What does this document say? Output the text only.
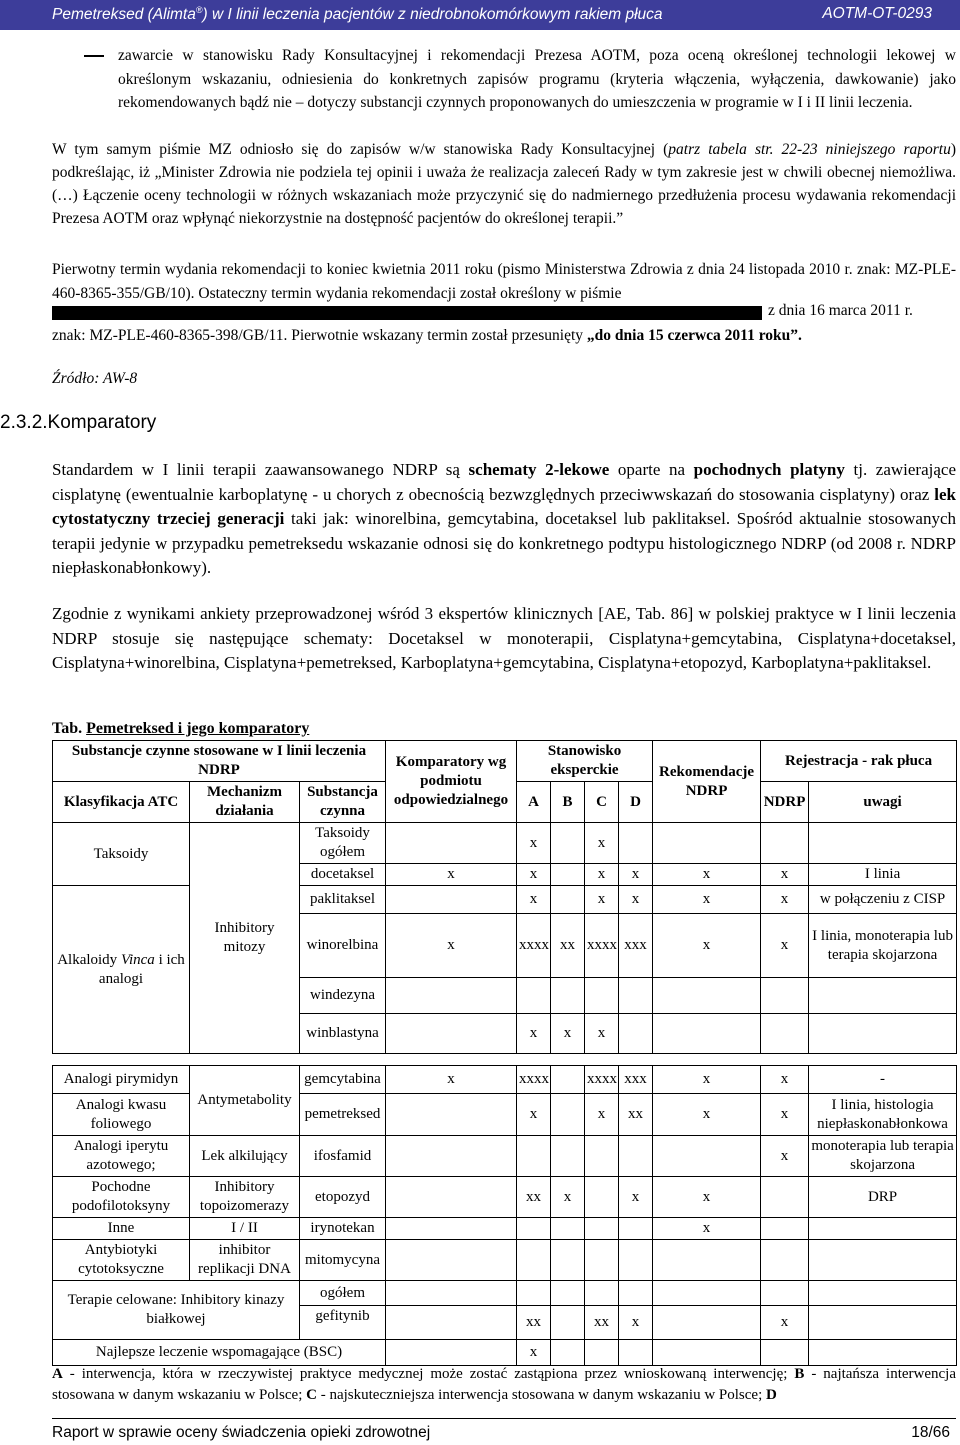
Pemetreksed (Alimta®) w I linii leczenia pacjentów z niedrobnokomórkowym rakiem płuca	AOTM-OT-0293

zawarcie w stanowisku Rady Konsultacyjnej i rekomendacji Prezesa AOTM, poza oceną określonej technologii lekowej w określonym wskazaniu, odniesienia do konkretnych zapisów programu (kryteria włączenia, wyłączenia, dawkowanie) jako rekomendowanych bądź nie – dotyczy substancji czynnych proponowanych do umieszczenia w programie w I i II linii leczenia.

W tym samym piśmie MZ odniosło się do zapisów w/w stanowiska Rady Konsultacyjnej (patrz tabela str. 22-23 niniejszego raportu) podkreślając, iż „Minister Zdrowia nie podziela tej opinii i uważa że realizacja zaleceń Rady w tym zakresie jest w chwili obecnej niemożliwa. (…) Łączenie oceny technologii w różnych wskazaniach może przyczynić się do nadmiernego przedłużenia procesu wydawania rekomendacji Prezesa AOTM oraz wpłynąć niekorzystnie na dostępność pacjentów do określonej terapii.”
Pierwotny termin wydania rekomendacji to koniec kwietnia 2011 roku (pismo Ministerstwa Zdrowia z dnia 24 listopada 2010 r. znak: MZ-PLE-460-8365-355/GB/10). Ostateczny termin wydania rekomendacji został określony w piśmie
z dnia 16 marca 2011 r.
znak: MZ-PLE-460-8365-398/GB/11. Pierwotnie wskazany termin został przesunięty „do dnia 15 czerwca 2011 roku”.
Źródło: AW-8
2.3.2.Komparatory
Standardem w I linii terapii zaawansowanego NDRP są schematy 2-lekowe oparte na pochodnych platyny tj. zawierające cisplatynę (ewentualnie karboplatynę - u chorych z obecnością bezwzględnych przeciwwskazań do stosowania cisplatyny) oraz lek cytostatyczny trzeciej generacji taki jak: winorelbina, gemcytabina, docetaksel lub paklitaksel. Spośród aktualnie stosowanych terapii jedynie w przypadku pemetreksedu wskazanie odnosi się do konkretnego podtypu histologicznego NDRP (od 2008 r. NDRP niepłaskonabłonkowy).
Zgodnie z wynikami ankiety przeprowadzonej wśród 3 ekspertów klinicznych [AE, Tab. 86] w polskiej praktyce w I linii leczenia NDRP stosuje się następujące schematy: Docetaksel w monoterapii, Cisplatyna+gemcytabina, Cisplatyna+docetaksel, Cisplatyna+winorelbina, Cisplatyna+pemetreksed, Karboplatyna+gemcytabina, Cisplatyna+etopozyd, Karboplatyna+paklitaksel.
Tab. Pemetreksed i jego komparatory
Substancje czynne stosowane w I linii leczenia NDRP			Komparatory wg podmiotu odpowiedzialnego	Stanowisko eksperckie				Rekomendacje NDRP	Rejestracja - rak płuca	
Klasyfikacja ATC	Mechanizm działania	Substancja czynna		A	B	C	D		NDRP	uwagi
Taksoidy	Inhibitory mitozy	Taksoidy ogółem		x		x				
		docetaksel	x	x		x	x	x	x	I linia
Alkaloidy Vinca i ich analogi		paklitaksel		x		x	x	x	x	w połączeniu z CISP
		winorelbina	x	xxxx	xx	xxxx	xxx	x	x	I linia, monoterapia lub terapia skojarzona
		windezyna								
		winblastyna		x	x	x				

Analogi pirymidyn	Antymetabolity	gemcytabina	x	xxxx		xxxx	xxx	x	x	-
Analogi kwasu foliowego		pemetreksed		x		x	xx	x	x	I linia, histologia niepłaskonabłonkowa
Analogi iperytu azotowego;	Lek alkilujący	ifosfamid							x	monoterapia lub terapia skojarzona
Pochodne podofilotoksyny	Inhibitory topoizomerazy	etopozyd		xx	x		x	x		DRP
Inne	I / II	irynotekan						x		
Antybiotyki cytotoksyczne	inhibitor replikacji DNA	mitomycyna								
Terapie celowane: Inhibitory kinazy białkowej		ogółem								
		gefitynib		xx		xx	x		x	
Najlepsze leczenie wspomagające (BSC)				x						
A - interwencja, która w rzeczywistej praktyce medycznej może zostać zastąpiona przez wnioskowaną interwencję; B - najtańsza interwencja stosowana w danym wskazaniu w Polsce; C - najskuteczniejsza interwencja stosowana w danym wskazaniu w Polsce; D
Raport w sprawie oceny świadczenia opieki zdrowotnej	18/66
